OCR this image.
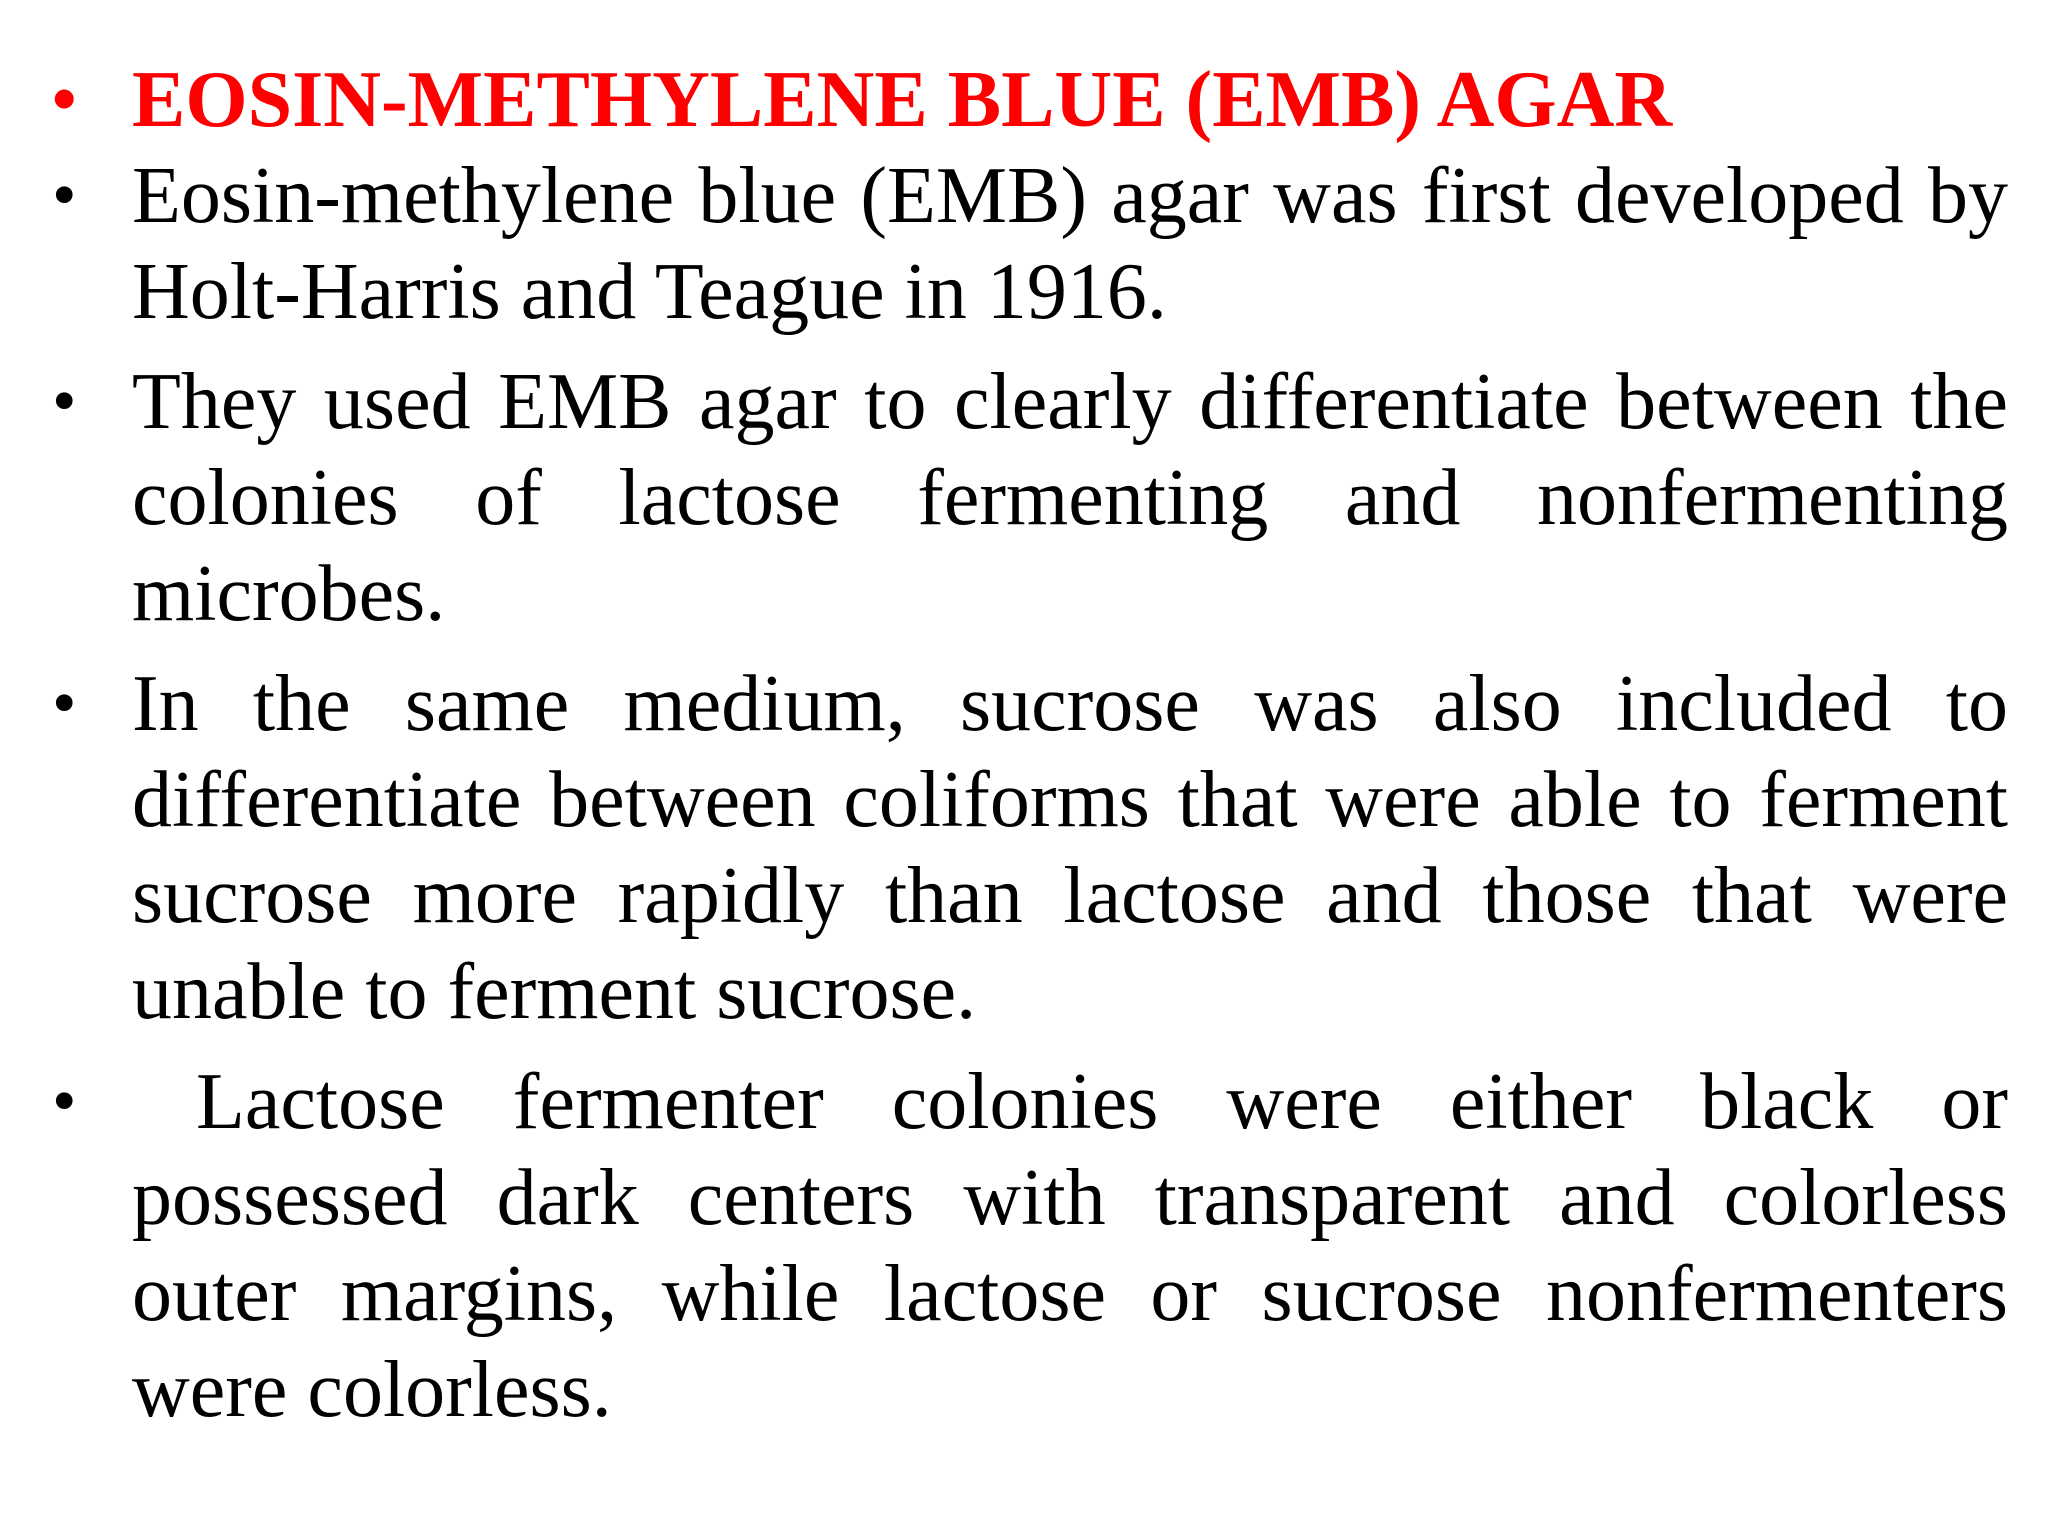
• EOSIN-METHYLENE BLUE (EMB) AGAR
• Eosin-methylene blue (EMB) agar was first developed by Holt-Harris and Teague in 1916.
• They used EMB agar to clearly differentiate between the colonies of lactose fermenting and nonfermenting microbes.
• In the same medium, sucrose was also included to differentiate between coliforms that were able to ferment sucrose more rapidly than lactose and those that were unable to ferment sucrose.
•	Lactose fermenter colonies were either black or possessed dark centers with transparent and colorless outer margins, while lactose or sucrose nonfermenters were colorless.
